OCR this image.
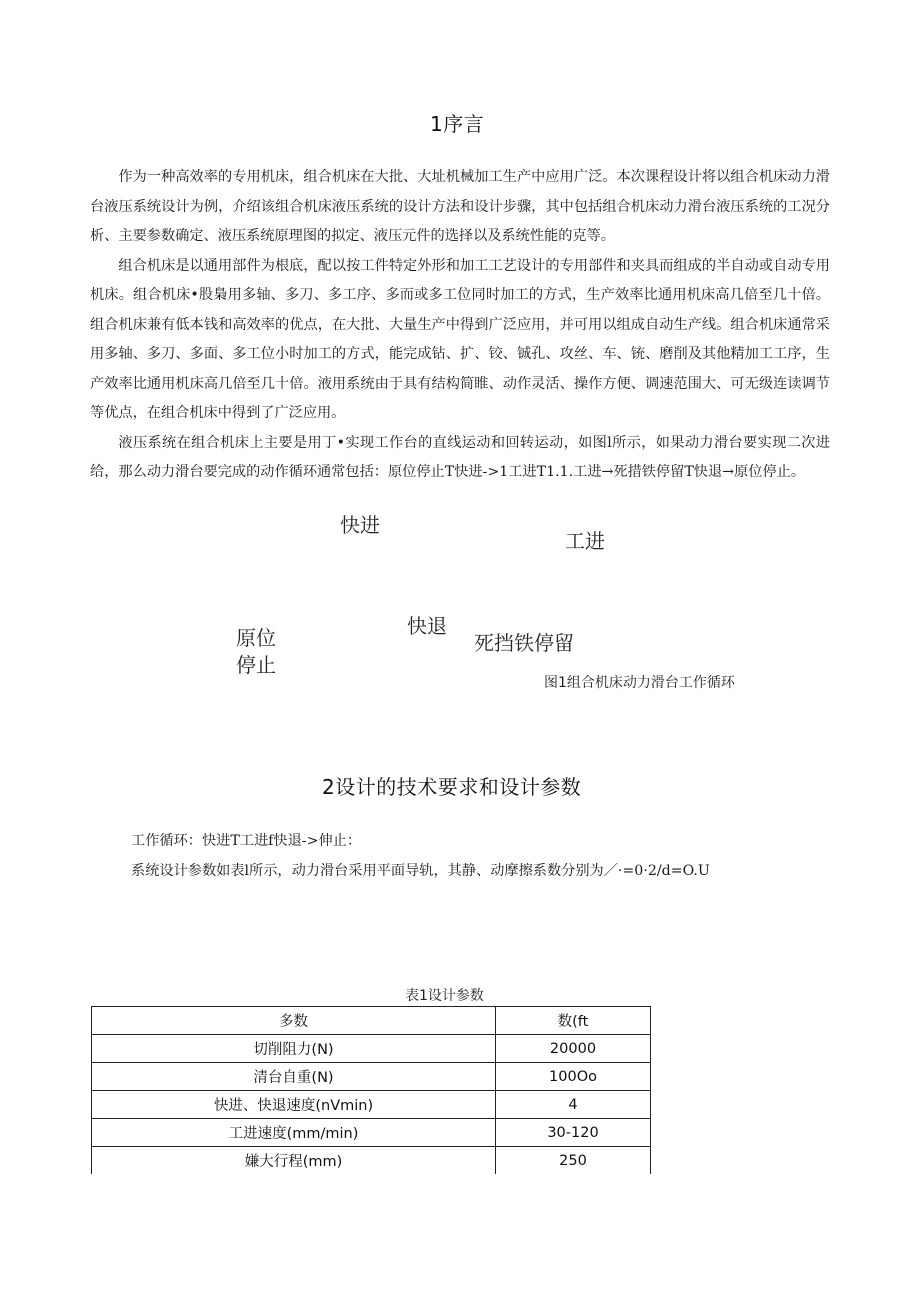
1序言

作为一种高效率的专用机床，组合机床在大批、大址机械加工生产中应用广泛。本次课程设计将以组合机床动力滑台液压系统设计为例，介绍该组合机床液压系统的设计方法和设计步骤，其中包括组合机床动力滑台液压系统的工况分析、主要参数确定、液压系统原理图的拟定、液压元件的选择以及系统性能的克等。

组合机床是以通用部件为根底，配以按工件特定外形和加工工艺设计的专用部件和夹具而组成的半自动或自动专用机床。组合机床•股梟用多轴、多刀、多工序、多而或多工位同时加工的方式，生产效率比通用机床高几倍至几十倍。组合机床兼有低本钱和高效率的优点，在大批、大量生产中得到广泛应用，并可用以组成自动生产线。组合机床通常采用多轴、多刀、多面、多工位小时加工的方式，能完成钻、扩、铰、铖孔、攻丝、车、铳、磨削及其他精加工工序，生产效率比通用机床高几倍至几十倍。液用系统由于具有结构简睢、动作灵活、操作方便、调速范围大、可无级连读调节等优点，在组合机床中得到了广泛应用。

液压系统在组合机床上主要是用丁•实现工作台的直线运动和回转运动，如图l所示，如果动力滑台要实现二次进给，那么动力滑台要完成的动作循环通常包括：原位停止T快进->1工进T1.1.工进→死措铁停留T快退→原位停止。

快进
工进
原位
停止
快退
死挡铁停留
图1组合机床动力滑台工作循环
2设计的技术要求和设计参数
工作循环：快进T工进f快退->伸止：
系统设计参数如表l所示，动力滑台采用平面导轨，其静、动摩擦系数分别为／·=0·2/d=O.U
表1设计参数
多数	数(ft
切削阻力(N)	20000
清台自重(N)	100Oo
快进、快退速度(nVmin)	4
工进速度(mm/min)	30-120
嫌大行程(mm)	250
